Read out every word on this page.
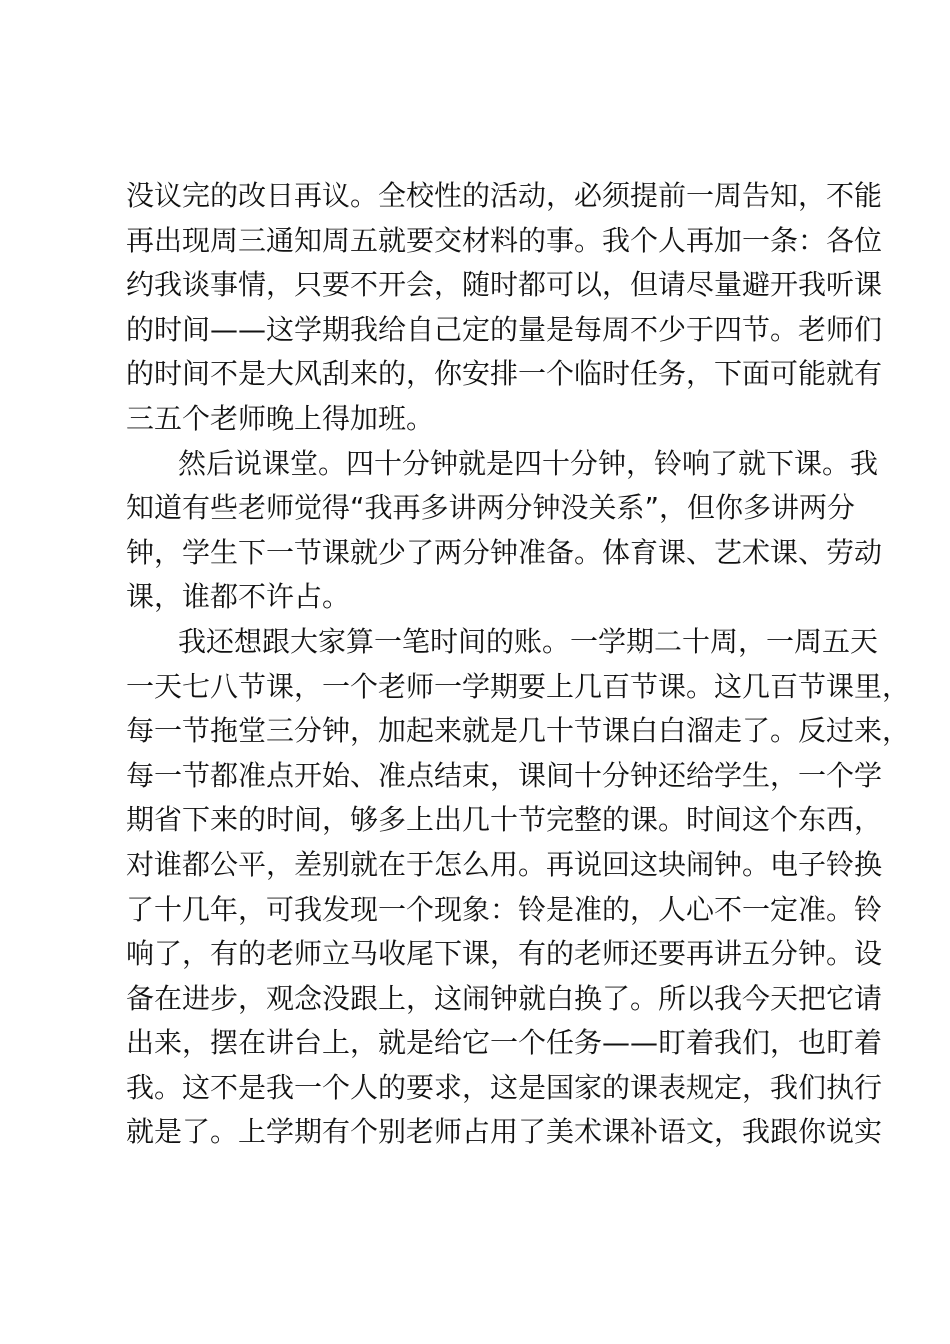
没议完的改日再议。全校性的活动，必须提前一周告知，不能
再出现周三通知周五就要交材料的事。我个人再加一条：各位
约我谈事情，只要不开会，随时都可以，但请尽量避开我听课
的时间——这学期我给自己定的量是每周不少于四节。老师们
的时间不是大风刮来的，你安排一个临时任务，下面可能就有
三五个老师晚上得加班。
然后说课堂。四十分钟就是四十分钟，铃响了就下课。我
知道有些老师觉得“我再多讲两分钟没关系”，但你多讲两分
钟，学生下一节课就少了两分钟准备。体育课、艺术课、劳动
课，谁都不许占。
我还想跟大家算一笔时间的账。一学期二十周，一周五天
一天七八节课，一个老师一学期要上几百节课。这几百节课里，
每一节拖堂三分钟，加起来就是几十节课白白溜走了。反过来，
每一节都准点开始、准点结束，课间十分钟还给学生，一个学
期省下来的时间，够多上出几十节完整的课。时间这个东西，
对谁都公平，差别就在于怎么用。再说回这块闹钟。电子铃换
了十几年，可我发现一个现象：铃是准的，人心不一定准。铃
响了，有的老师立马收尾下课，有的老师还要再讲五分钟。设
备在进步，观念没跟上，这闹钟就白换了。所以我今天把它请
出来，摆在讲台上，就是给它一个任务——盯着我们，也盯着
我。这不是我一个人的要求，这是国家的课表规定，我们执行
就是了。上学期有个别老师占用了美术课补语文，我跟你说实
